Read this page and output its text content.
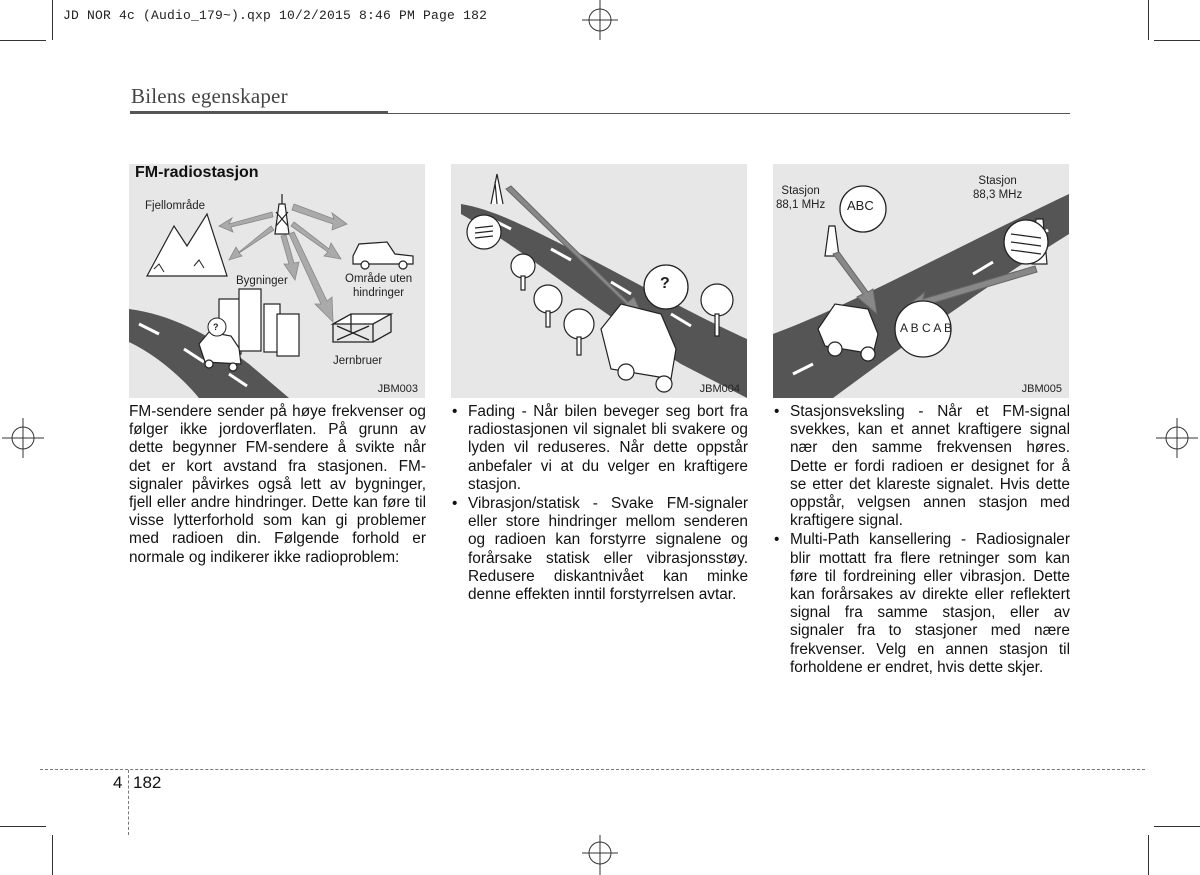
JD NOR 4c (Audio_179~).qxp 10/2/2015 8:46 PM Page 182
Bilens egenskaper
FM-radiostasjon
Fjellområde
Bygninger	Område uten
hindringer
Jernbruer
?
JBM003
?
JBM004
Stasjon
88,1 MHz
Stasjon
88,3 MHz
ABC
A B C A B
JBM005

FM-sendere sender på høye frekvenser og følger ikke jordoverflaten. På grunn av dette begynner FM-sendere å svikte når det er kort avstand fra stasjonen. FM-signaler påvirkes også lett av bygninger, fjell eller andre hindringer. Dette kan føre til visse lytterforhold som kan gi problemer med radioen din. Følgende forhold er normale og indikerer ikke radioproblem:

• Fading - Når bilen beveger seg bort fra radiostasjonen vil signalet bli svakere og lyden vil reduseres. Når dette oppstår anbefaler vi at du velger en kraftigere stasjon.
• Vibrasjon/statisk - Svake FM-signaler eller store hindringer mellom senderen og radioen kan forstyrre signalene og forårsake statisk eller vibrasjonsstøy. Redusere diskantnivået kan minke denne effekten inntil forstyrrelsen avtar.
• Stasjonsveksling - Når et FM-signal svekkes, kan et annet kraftigere signal nær den samme frekvensen høres. Dette er fordi radioen er designet for å se etter det klareste signalet. Hvis dette oppstår, velgsen annen stasjon med kraftigere signal.
• Multi-Path kansellering - Radiosignaler blir mottatt fra flere retninger som kan føre til fordreining eller vibrasjon. Dette kan forårsakes av direkte eller reflektert signal fra samme stasjon, eller av signaler fra to stasjoner med nære frekvenser. Velg en annen stasjon til forholdene er endret, hvis dette skjer.
4 182
